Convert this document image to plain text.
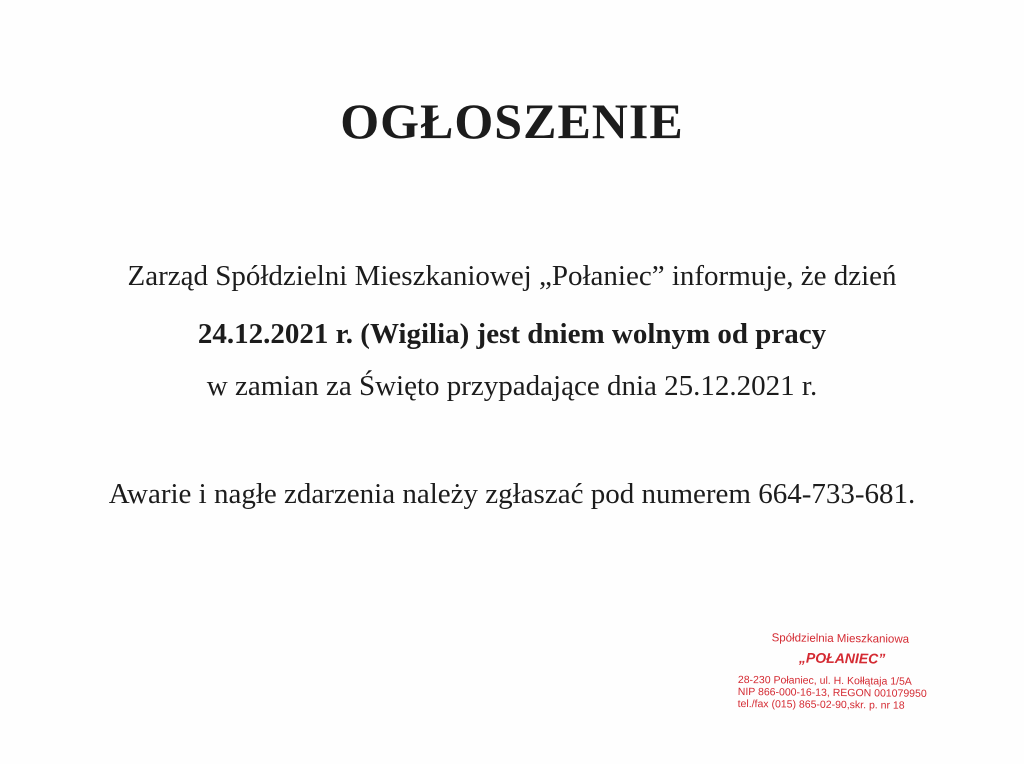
OGŁOSZENIE
Zarząd Spółdzielni Mieszkaniowej „Połaniec” informuje, że dzień
24.12.2021 r. (Wigilia) jest dniem wolnym od pracy
w zamian za Święto przypadające dnia 25.12.2021 r.
Awarie i nagłe zdarzenia należy zgłaszać pod numerem 664-733-681.
Spółdzielnia Mieszkaniowa
„POŁANIEC”
28-230 Połaniec, ul. H. Kołłątaja 1/5A
NIP 866-000-16-13, REGON 001079950
tel./fax (015) 865-02-90,skr. p. nr 18
